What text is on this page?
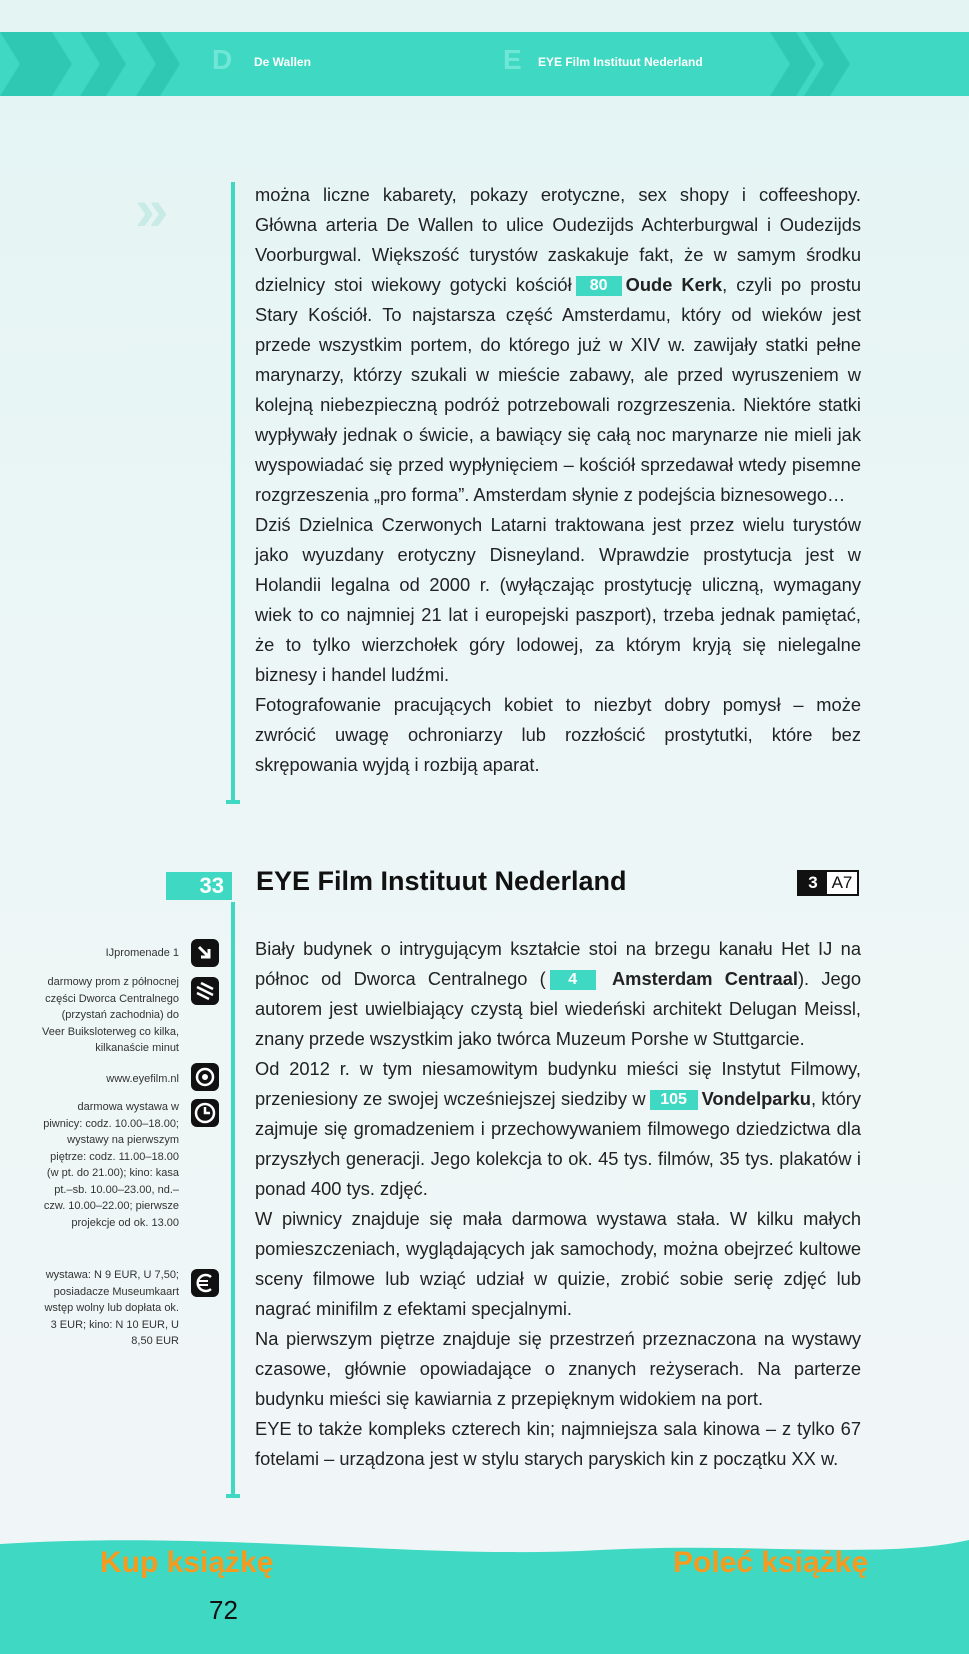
D De Wallen	E EYE Film Instituut Nederland
»	można liczne kabarety, pokazy erotyczne, sex shopy i coffeeshopy. Główna arteria De Wallen to ulice Oudezijds Achterburgwal i Oudezijds Voorburgwal. Większość turystów zaskakuje fakt, że w samym środku dzielnicy stoi wiekowy gotycki kościół 80 Oude Kerk, czyli po prostu Stary Kościół. To najstarsza część Amsterdamu, który od wieków jest przede wszystkim portem, do którego już w XIV w. zawijały statki pełne marynarzy, którzy szukali w mieście zabawy, ale przed wyruszeniem w kolejną niebezpieczną podróż potrzebowali rozgrzeszenia. Niektóre statki wypływały jednak o świcie, a bawiący się całą noc marynarze nie mieli jak wyspowiadać się przed wypłynięciem – kościół sprzedawał wtedy pisemne rozgrzeszenia „pro forma”. Amsterdam słynie z podejścia biznesowego…

Dziś Dzielnica Czerwonych Latarni traktowana jest przez wielu turystów jako wyuzdany erotyczny Disneyland. Wprawdzie prostytucja jest w Holandii legalna od 2000 r. (wyłączając prostytucję uliczną, wymagany wiek to co najmniej 21 lat i europejski paszport), trzeba jednak pamiętać, że to tylko wierzchołek góry lodowej, za którym kryją się nielegalne biznesy i handel ludźmi.

Fotografowanie pracujących kobiet to niezbyt dobry pomysł – może zwrócić uwagę ochroniarzy lub rozzłościć prostytutki, które bez skrępowania wyjdą i rozbiją aparat.

33 EYE Film Instituut Nederland	3 A7
IJpromenade 1
darmowy prom z północnej części Dworca Centralnego (przystań zachodnia) do Veer Buiksloterweg co kilka, kilkanaście minut
www.eyefilm.nl
darmowa wystawa w piwnicy: codz. 10.00–18.00; wystawy na pierwszym piętrze: codz. 11.00–18.00 (w pt. do 21.00); kino: kasa pt.–sb. 10.00–23.00, nd.–czw. 10.00–22.00; pierwsze projekcje od ok. 13.00
wystawa: N 9 EUR, U 7,50; posiadacze Museumkaart wstęp wolny lub dopłata ok. 3 EUR; kino: N 10 EUR, U 8,50 EUR

Biały budynek o intrygującym kształcie stoi na brzegu kanału Het IJ na północ od Dworca Centralnego ( 4 Amsterdam Centraal). Jego autorem jest uwielbiający czystą biel wiedeński architekt Delugan Meissl, znany przede wszystkim jako twórca Muzeum Porshe w Stuttgarcie.

Od 2012 r. w tym niesamowitym budynku mieści się Instytut Filmowy, przeniesiony ze swojej wcześniejszej siedziby w 105 Vondelparku, który zajmuje się gromadzeniem i przechowywaniem filmowego dziedzictwa dla przyszłych generacji. Jego kolekcja to ok. 45 tys. filmów, 35 tys. plakatów i ponad 400 tys. zdjęć.

W piwnicy znajduje się mała darmowa wystawa stała. W kilku małych pomieszczeniach, wyglądających jak samochody, można obejrzeć kultowe sceny filmowe lub wziąć udział w quizie, zrobić sobie serię zdjęć lub nagrać minifilm z efektami specjalnymi.

Na pierwszym piętrze znajduje się przestrzeń przeznaczona na wystawy czasowe, głównie opowiadające o znanych reżyserach. Na parterze budynku mieści się kawiarnia z przepięknym widokiem na port.

EYE to także kompleks czterech kin; najmniejsza sala kinowa – z tylko 67 fotelami – urządzona jest w stylu starych paryskich kin z początku XX w.

Kup książkę	Poleć książkę
72
